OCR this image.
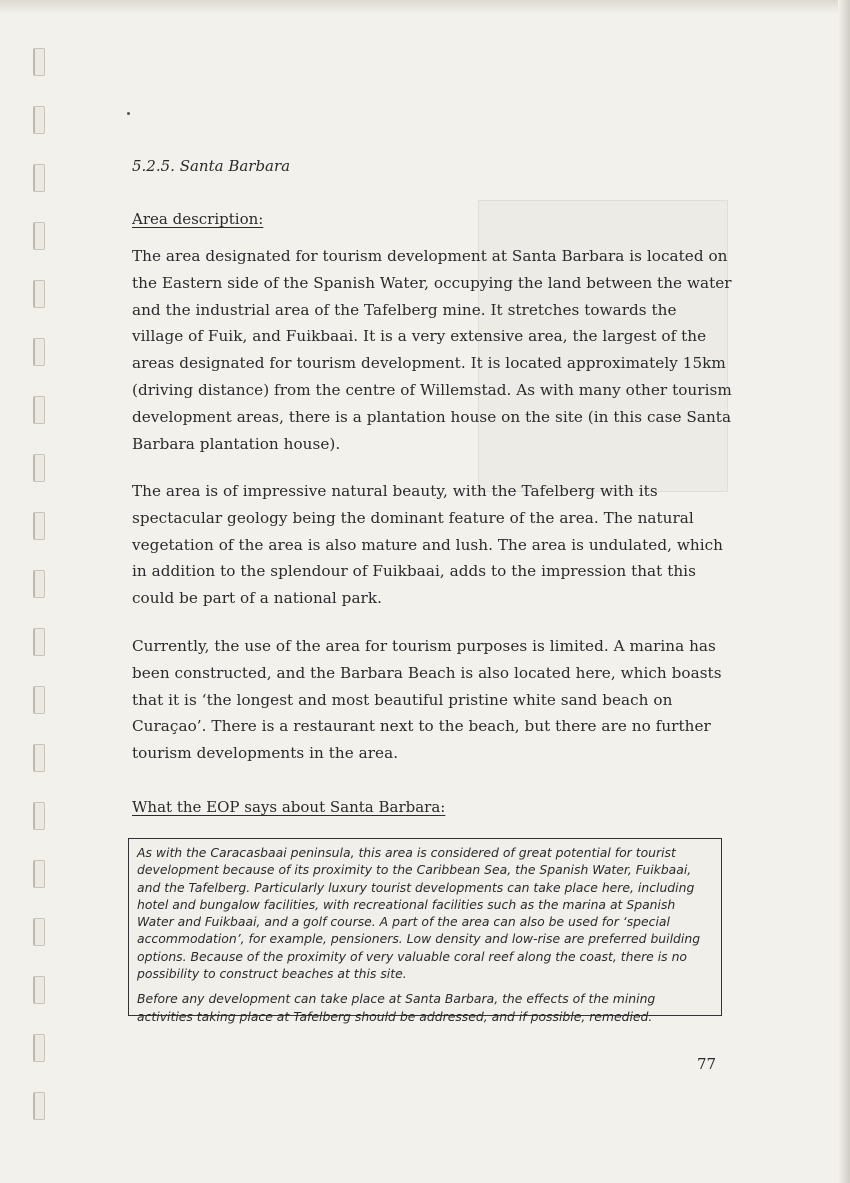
5.2.5. Santa Barbara
Area description:
The area designated for tourism development at Santa Barbara is located on the Eastern side of the Spanish Water, occupying the land between the water and the industrial area of the Tafelberg mine. It stretches towards the village of Fuik, and Fuikbaai. It is a very extensive area, the largest of the areas designated for tourism development. It is located approximately 15km (driving distance) from the centre of Willemstad. As with many other tourism development areas, there is a plantation house on the site (in this case Santa Barbara plantation house).
The area is of impressive natural beauty, with the Tafelberg with its spectacular geology being the dominant feature of the area. The natural vegetation of the area is also mature and lush. The area is undulated, which in addition to the splendour of Fuikbaai, adds to the impression that this could be part of a national park.
Currently, the use of the area for tourism purposes is limited. A marina has been constructed, and the Barbara Beach is also located here, which boasts that it is ‘the longest and most beautiful pristine white sand beach on Curaçao’. There is a restaurant next to the beach, but there are no further tourism developments in the area.
What the EOP says about Santa Barbara:

As with the Caracasbaai peninsula, this area is considered of great potential for tourist development because of its proximity to the Caribbean Sea, the Spanish Water, Fuikbaai, and the Tafelberg. Particularly luxury tourist developments can take place here, including hotel and bungalow facilities, with recreational facilities such as the marina at Spanish Water and Fuikbaai, and a golf course. A part of the area can also be used for ‘special accommodation’, for example, pensioners. Low density and low-rise are preferred building options. Because of the proximity of very valuable coral reef along the coast, there is no possibility to construct beaches at this site.

Before any development can take place at Santa Barbara, the effects of the mining activities taking place at Tafelberg should be addressed, and if possible, remedied.

77
